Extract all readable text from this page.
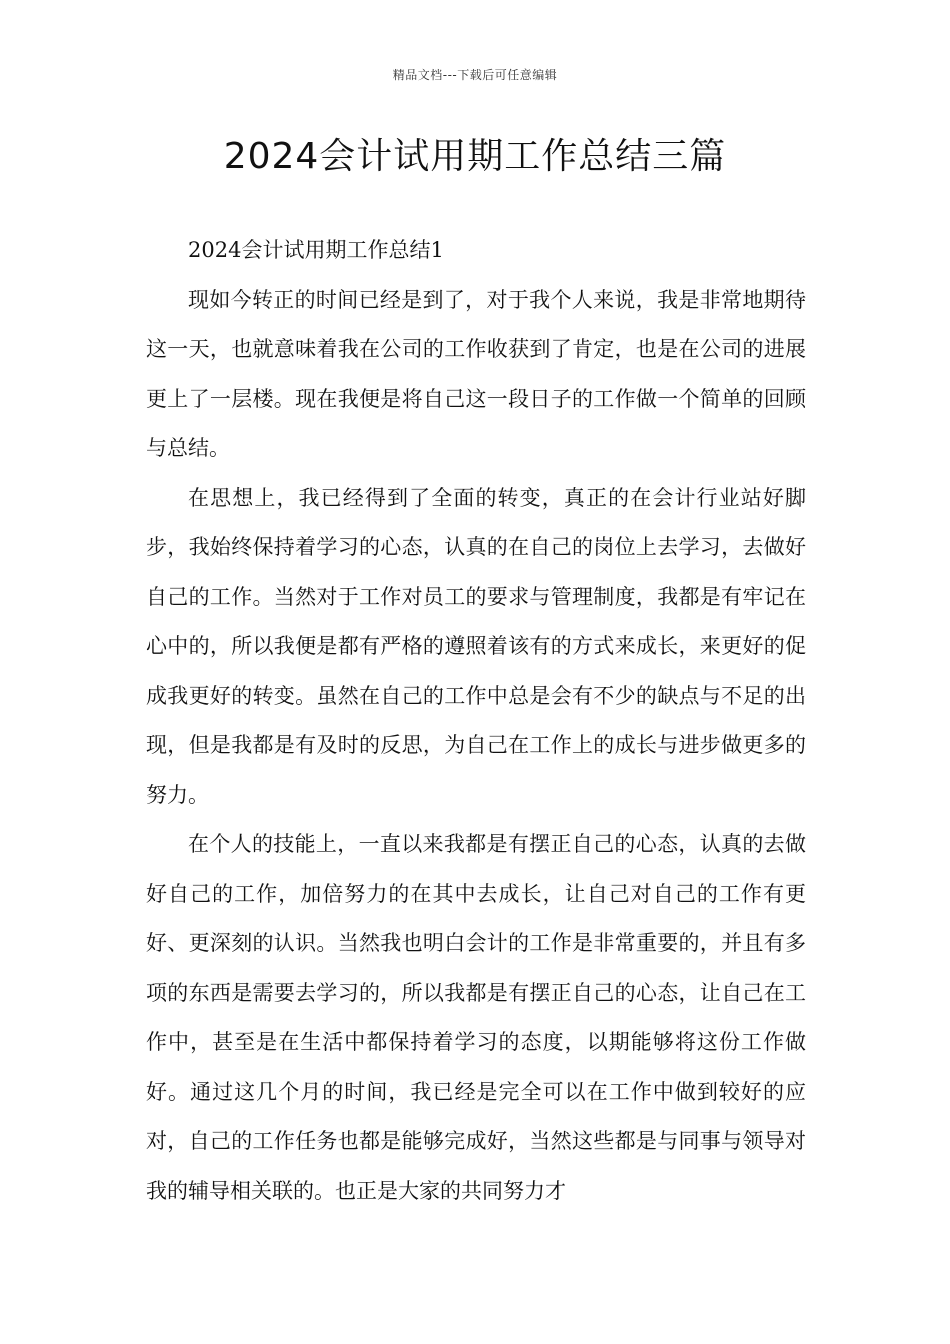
精品文档---下载后可任意编辑
2024会计试用期工作总结三篇

2024会计试用期工作总结1

现如今转正的时间已经是到了，对于我个人来说，我是非常地期待这一天，也就意味着我在公司的工作收获到了肯定，也是在公司的进展更上了一层楼。现在我便是将自己这一段日子的工作做一个简单的回顾与总结。

在思想上，我已经得到了全面的转变，真正的在会计行业站好脚步，我始终保持着学习的心态，认真的在自己的岗位上去学习，去做好自己的工作。当然对于工作对员工的要求与管理制度，我都是有牢记在心中的，所以我便是都有严格的遵照着该有的方式来成长，来更好的促成我更好的转变。虽然在自己的工作中总是会有不少的缺点与不足的出现，但是我都是有及时的反思，为自己在工作上的成长与进步做更多的努力。

在个人的技能上，一直以来我都是有摆正自己的心态，认真的去做好自己的工作，加倍努力的在其中去成长，让自己对自己的工作有更好、更深刻的认识。当然我也明白会计的工作是非常重要的，并且有多项的东西是需要去学习的，所以我都是有摆正自己的心态，让自己在工作中，甚至是在生活中都保持着学习的态度，以期能够将这份工作做好。通过这几个月的时间，我已经是完全可以在工作中做到较好的应对，自己的工作任务也都是能够完成好，当然这些都是与同事与领导对我的辅导相关联的。也正是大家的共同努力才
